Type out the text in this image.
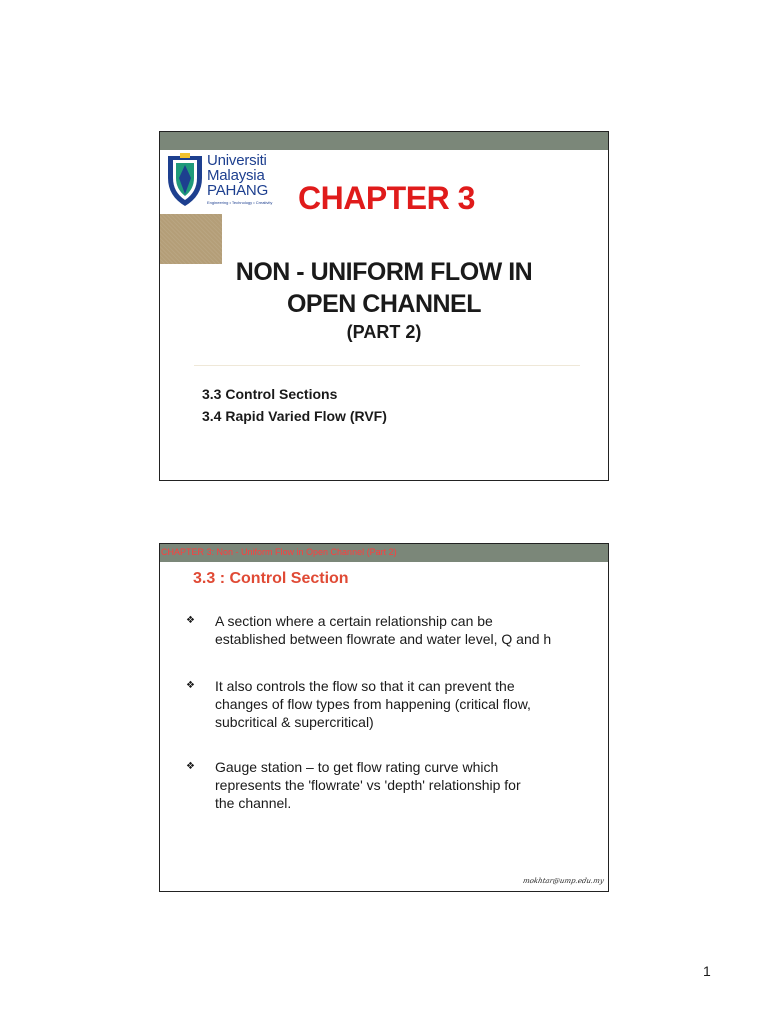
Universiti
Malaysia
PAHANG
Engineering • Technology • Creativity CHAPTER 3
NON - UNIFORM FLOW IN
OPEN CHANNEL
(PART 2)
3.3 Control Sections
3.4 Rapid Varied Flow (RVF)
CHAPTER 3: Non - Uniform Flow in Open Channel (Part 2)
3.3 : Control Section
❖ A section where a certain relationship can be
established between flowrate and water level, Q and h
❖ It also controls the flow so that it can prevent the
changes of flow types from happening (critical flow,
subcritical & supercritical)
❖ Gauge station – to get flow rating curve which
represents the 'flowrate' vs 'depth' relationship for
the channel.
mokhtar@ump.edu.my
1
